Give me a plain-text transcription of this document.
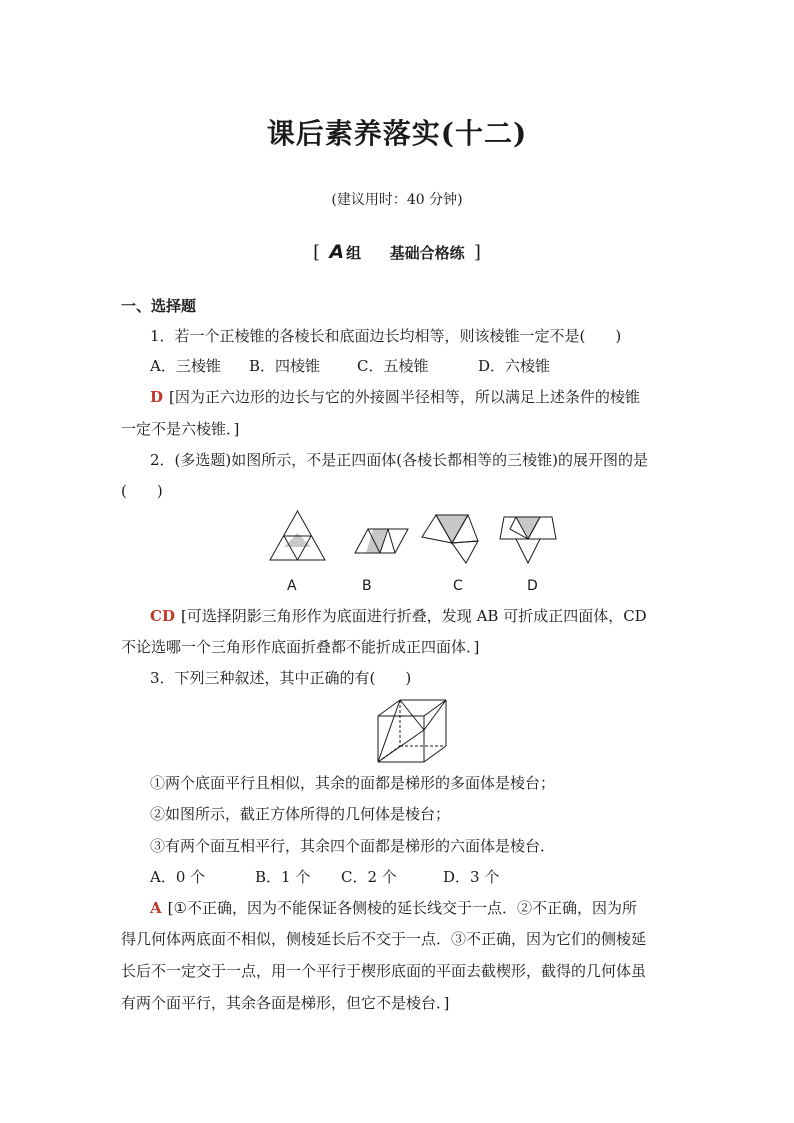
课后素养落实(十二)
(建议用时：40 分钟)
[ A 组 基础合格练 ]
一、选择题
1．若一个正棱锥的各棱长和底面边长均相等，则该棱锥一定不是(　　)
A．三棱锥 B．四棱锥 C．五棱锥	D．六棱锥
D [因为正六边形的边长与它的外接圆半径相等，所以满足上述条件的棱锥
一定不是六棱锥．]
2．(多选题)如图所示，不是正四面体(各棱长都相等的三棱锥)的展开图的是
(　　)
A	B	C	D
CD [可选择阴影三角形作为底面进行折叠，发现 AB 可折成正四面体，CD
不论选哪一个三角形作底面折叠都不能折成正四面体．]
3．下列三种叙述，其中正确的有(　　)
①两个底面平行且相似，其余的面都是梯形的多面体是棱台；
②如图所示，截正方体所得的几何体是棱台；
③有两个面互相平行，其余四个面都是梯形的六面体是棱台．
A．0 个	B．1 个 C．2 个	D．3 个
A [①不正确，因为不能保证各侧棱的延长线交于一点．②不正确，因为所
得几何体两底面不相似，侧棱延长后不交于一点．③不正确，因为它们的侧棱延
长后不一定交于一点，用一个平行于楔形底面的平面去截楔形，截得的几何体虽
有两个面平行，其余各面是梯形，但它不是棱台．]
